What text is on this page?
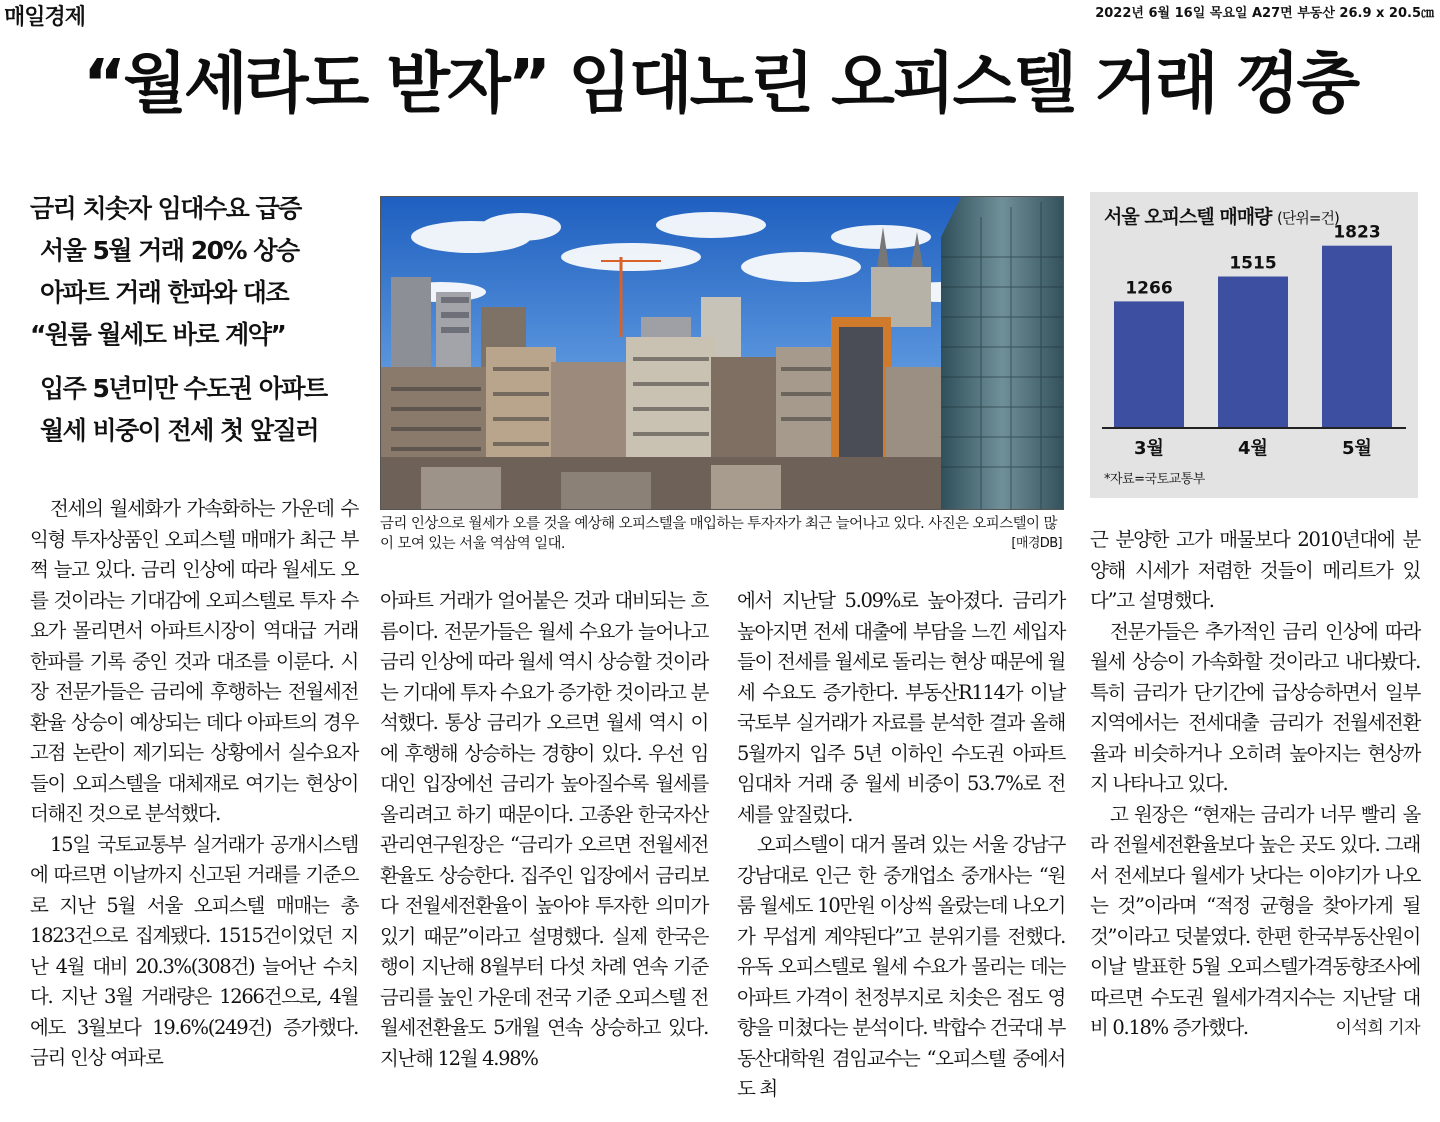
매일경제	2022년 6월 16일 목요일 A27면 부동산 26.9 x 20.5㎝
“월세라도 받자” 임대노린 오피스텔 거래 껑충
금리 치솟자 임대수요 급증
서울 5월 거래 20% 상승
아파트 거래 한파와 대조
“원룸 월세도 바로 계약”
입주 5년미만 수도권 아파트
월세 비중이 전세 첫 앞질러
금리 인상으로 월세가 오를 것을 예상해 오피스텔을 매입하는 투자자가 최근 늘어나고 있다. 사진은 오피스텔이 많이 모여 있는 서울 역삼역 일대.	[매경DB]
서울 오피스텔 매매량 (단위=건)
1266
3월
1515
4월
1823
5월
*자료=국토교통부

전세의 월세화가 가속화하는 가운데 수익형 투자상품인 오피스텔 매매가 최근 부쩍 늘고 있다. 금리 인상에 따라 월세도 오를 것이라는 기대감에 오피스텔로 투자 수요가 몰리면서 아파트시장이 역대급 거래 한파를 기록 중인 것과 대조를 이룬다. 시장 전문가들은 금리에 후행하는 전월세전환율 상승이 예상되는 데다 아파트의 경우 고점 논란이 제기되는 상황에서 실수요자들이 오피스텔을 대체재로 여기는 현상이 더해진 것으로 분석했다.

15일 국토교통부 실거래가 공개시스템에 따르면 이날까지 신고된 거래를 기준으로 지난 5월 서울 오피스텔 매매는 총 1823건으로 집계됐다. 1515건이었던 지난 4월 대비 20.3%(308건) 늘어난 수치다. 지난 3월 거래량은 1266건으로, 4월에도 3월보다 19.6%(249건) 증가했다. 금리 인상 여파로

아파트 거래가 얼어붙은 것과 대비되는 흐름이다. 전문가들은 월세 수요가 늘어나고 금리 인상에 따라 월세 역시 상승할 것이라는 기대에 투자 수요가 증가한 것이라고 분석했다. 통상 금리가 오르면 월세 역시 이에 후행해 상승하는 경향이 있다. 우선 임대인 입장에선 금리가 높아질수록 월세를 올리려고 하기 때문이다. 고종완 한국자산관리연구원장은 “금리가 오르면 전월세전환율도 상승한다. 집주인 입장에서 금리보다 전월세전환율이 높아야 투자한 의미가 있기 때문”이라고 설명했다. 실제 한국은행이 지난해 8월부터 다섯 차례 연속 기준금리를 높인 가운데 전국 기준 오피스텔 전월세전환율도 5개월 연속 상승하고 있다. 지난해 12월 4.98%

에서 지난달 5.09%로 높아졌다. 금리가 높아지면 전세 대출에 부담을 느낀 세입자들이 전세를 월세로 돌리는 현상 때문에 월세 수요도 증가한다. 부동산R114가 이날 국토부 실거래가 자료를 분석한 결과 올해 5월까지 입주 5년 이하인 수도권 아파트 임대차 거래 중 월세 비중이 53.7%로 전세를 앞질렀다.

오피스텔이 대거 몰려 있는 서울 강남구 강남대로 인근 한 중개업소 중개사는 “원룸 월세도 10만원 이상씩 올랐는데 나오기가 무섭게 계약된다”고 분위기를 전했다. 유독 오피스텔로 월세 수요가 몰리는 데는 아파트 가격이 천정부지로 치솟은 점도 영향을 미쳤다는 분석이다. 박합수 건국대 부동산대학원 겸임교수는 “오피스텔 중에서도 최

근 분양한 고가 매물보다 2010년대에 분양해 시세가 저렴한 것들이 메리트가 있다”고 설명했다.

전문가들은 추가적인 금리 인상에 따라 월세 상승이 가속화할 것이라고 내다봤다. 특히 금리가 단기간에 급상승하면서 일부 지역에서는 전세대출 금리가 전월세전환율과 비슷하거나 오히려 높아지는 현상까지 나타나고 있다.

고 원장은 “현재는 금리가 너무 빨리 올라 전월세전환율보다 높은 곳도 있다. 그래서 전세보다 월세가 낫다는 이야기가 나오는 것”이라며 “적정 균형을 찾아가게 될 것”이라고 덧붙였다. 한편 한국부동산원이 이날 발표한 5월 오피스텔가격동향조사에 따르면 수도권 월세가격지수는 지난달 대비 0.18% 증가했다.	이석희 기자
